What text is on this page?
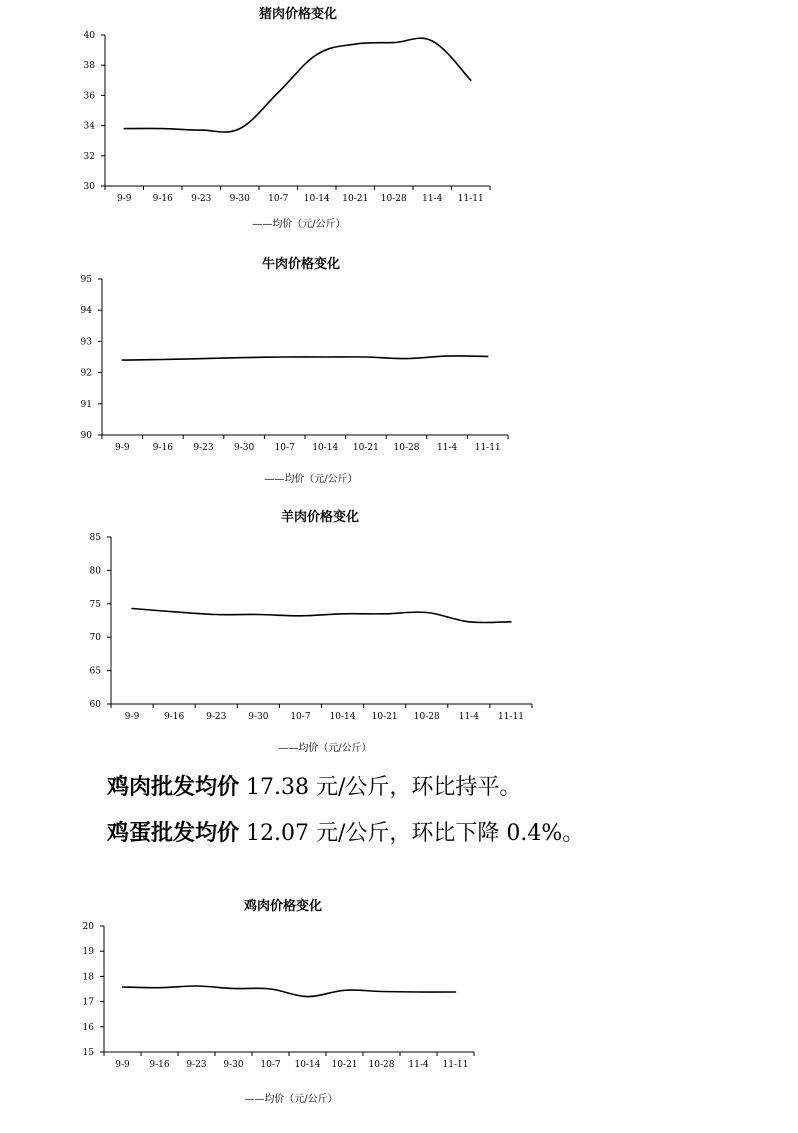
猪肉价格变化
30
32
34
36
38
40
9-9 9-16 9-23 9-30 10-7 10-14 10-21 10-28 11-4 11-11
——均价（元/公斤）
牛肉价格变化
90
91
92
93
94
95
9-9	9-16 9-23 9-30 10-7 10-14 10-21 10-28 11-4 11-11
——均价（元/公斤）
羊肉价格变化
60
65
70
75
80
85
9-9	9-16 9-23 9-30 10-7 10-14 10-21 10-28 11-4 11-11
——均价（元/公斤）
鸡肉批发均价 17.38 元/公斤，环比持平。
鸡蛋批发均价 12.07 元/公斤，环比下降 0.4%。
鸡肉价格变化
15
16
17
18
19
20
9-9 9-16 9-23 9-30 10-7 10-14 10-21 10-28 11-4 11-11
——均价（元/公斤）
